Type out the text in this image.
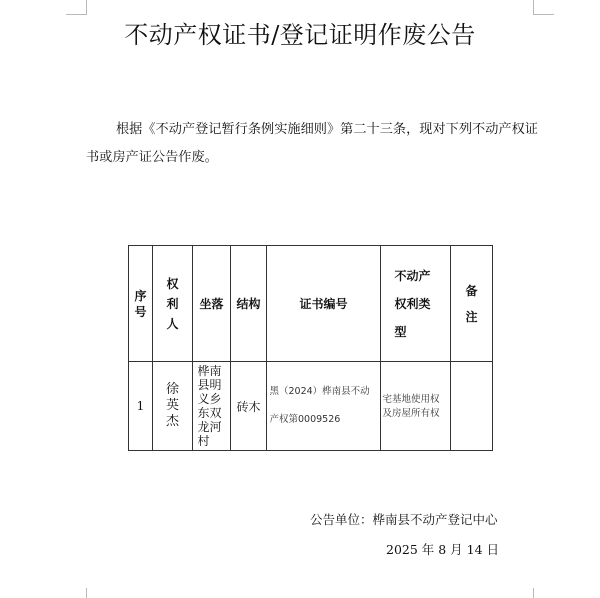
不动产权证书/登记证明作废公告

根据《不动产登记暂行条例实施细则》第二十三条，现对下列不动产权证书或房产证公告作废。

序号	权利人	坐落	结构	证书编号	不动产权利类型	备注

1	徐英杰	桦南县明义乡东双龙河村	砖木	黑（2024）桦南县不动产权第0009526	宅基地使用权及房屋所有权	

公告单位：桦南县不动产登记中心

2025 年 8 月 14 日
